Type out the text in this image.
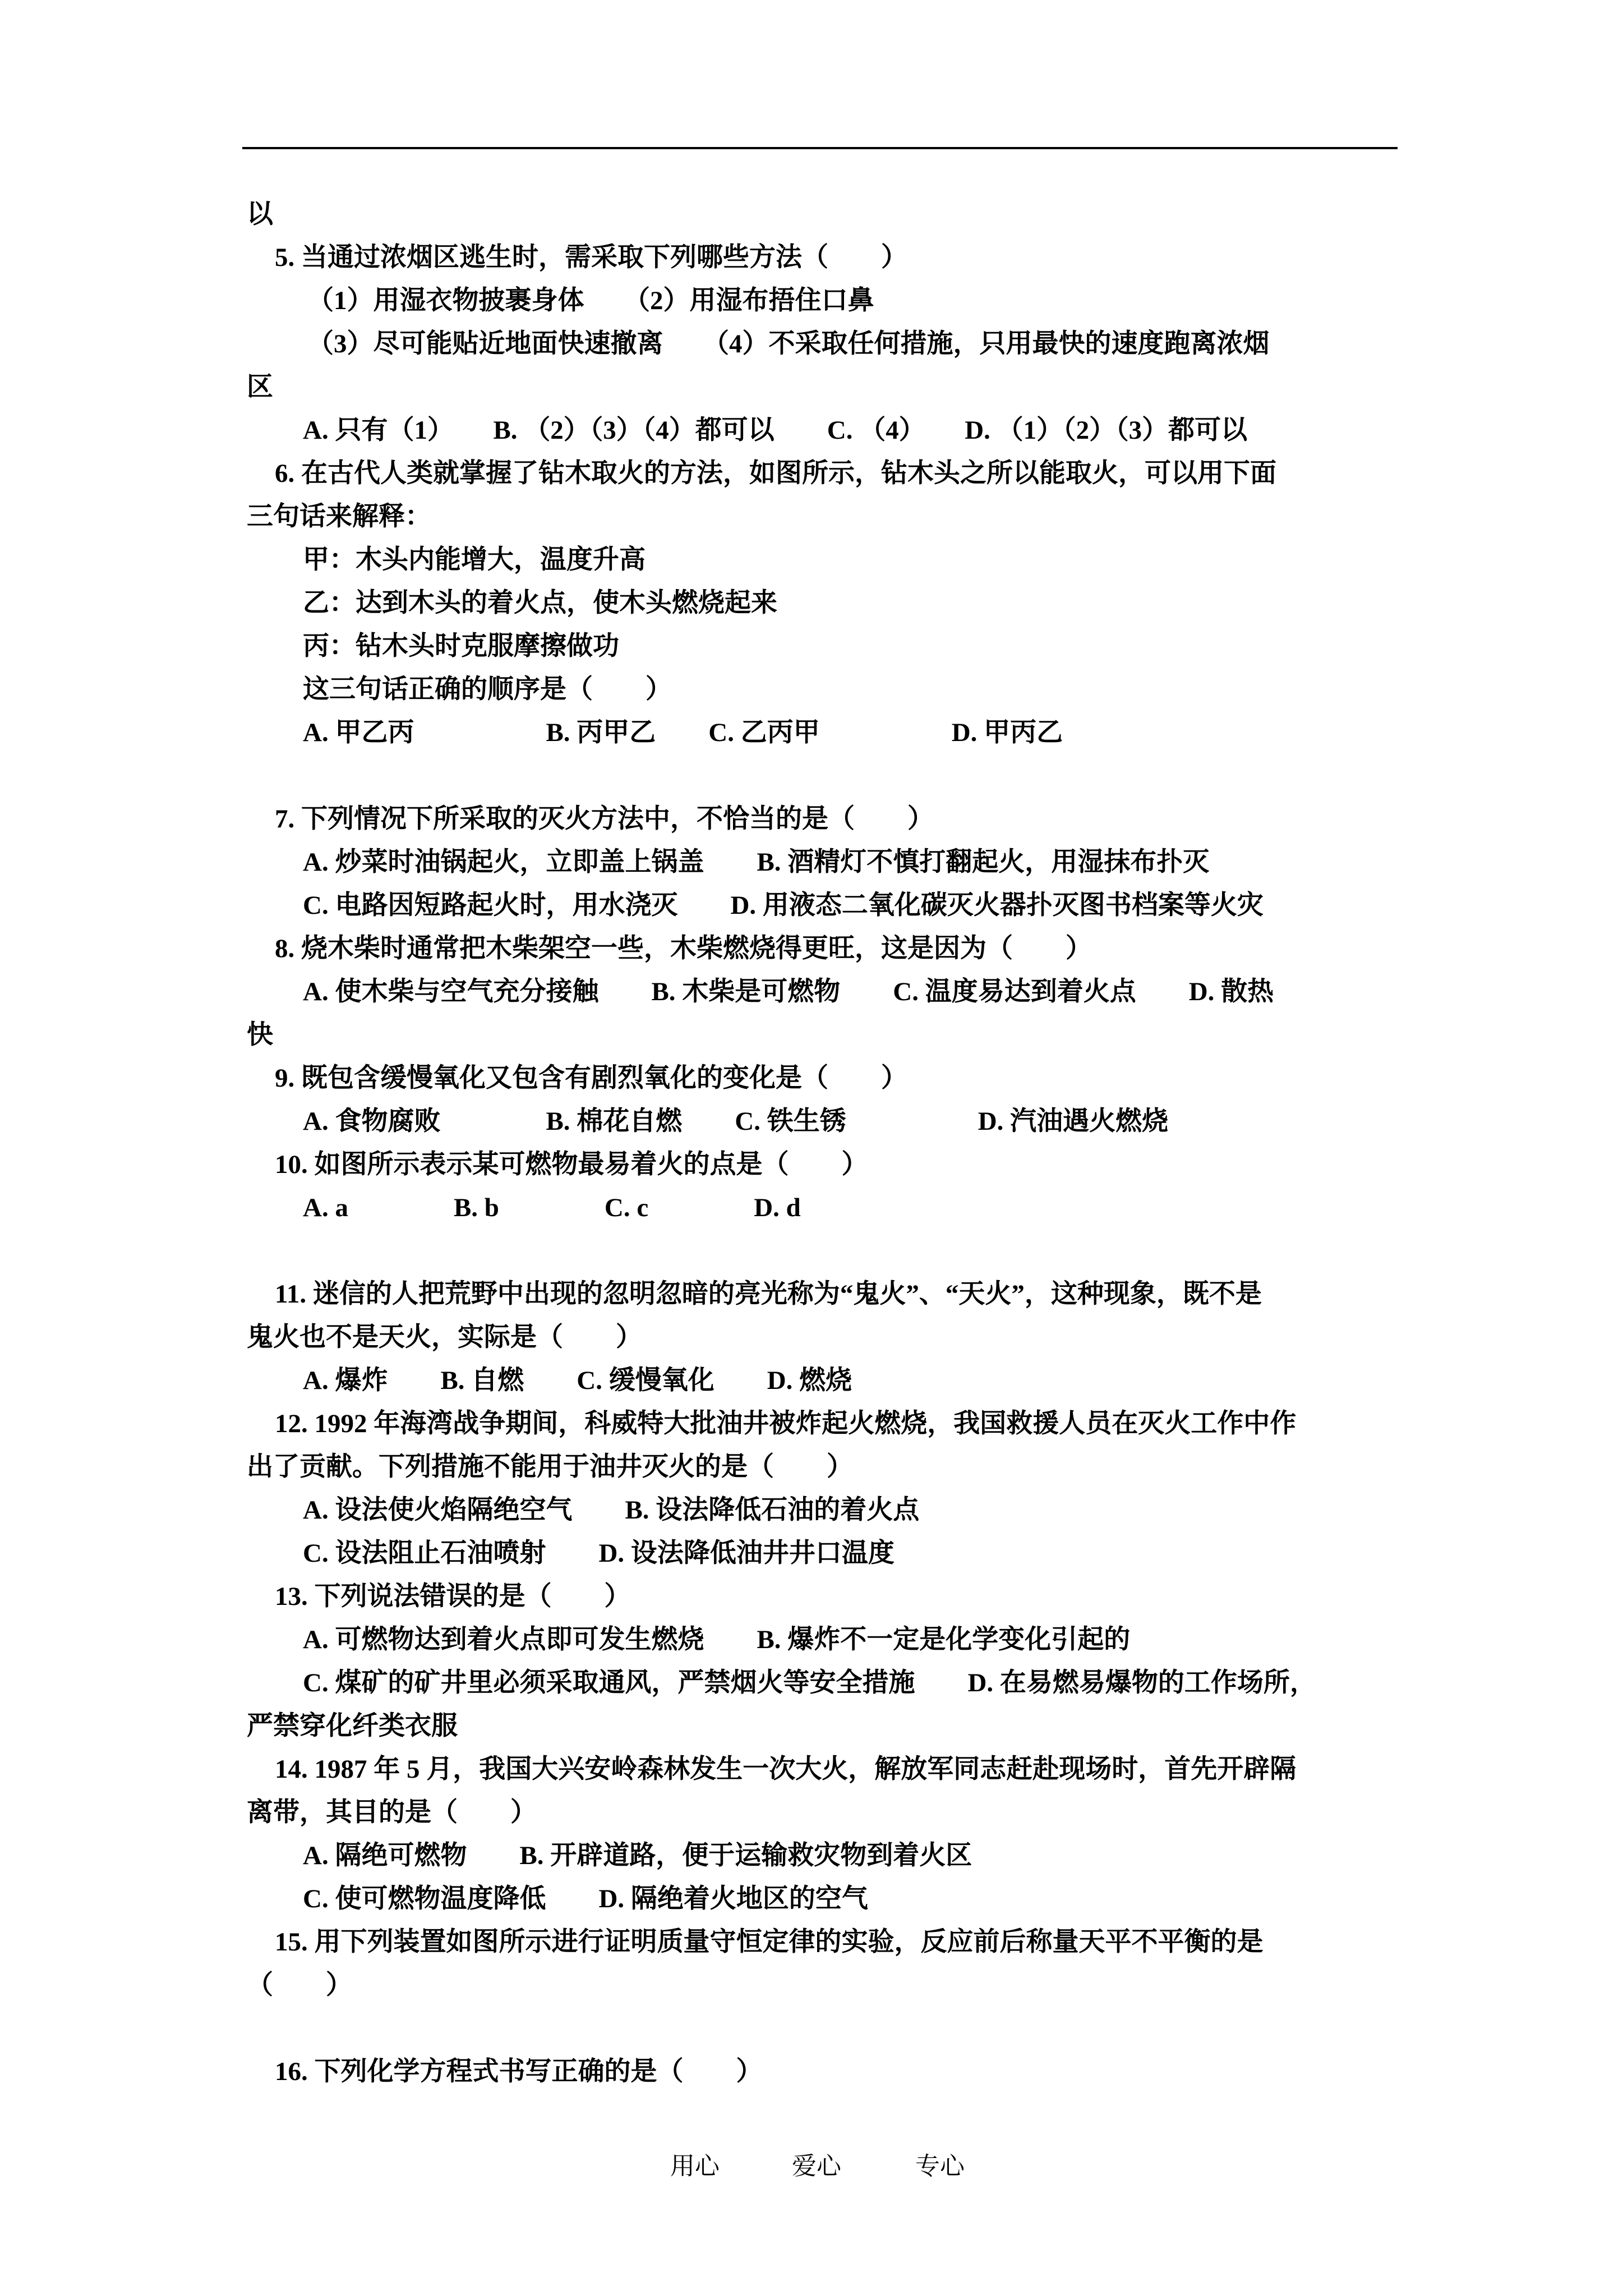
以
5. 当通过浓烟区逃生时，需采取下列哪些方法（　　）
（1）用湿衣物披裹身体　　（2）用湿布捂住口鼻
（3）尽可能贴近地面快速撤离　　（4）不采取任何措施，只用最快的速度跑离浓烟
区
A. 只有（1）　　B. （2）（3）（4）都可以　　C. （4）　　D. （1）（2）（3）都可以
6. 在古代人类就掌握了钻木取火的方法，如图所示，钻木头之所以能取火，可以用下面
三句话来解释：
甲：木头内能增大，温度升高
乙：达到木头的着火点，使木头燃烧起来
丙：钻木头时克服摩擦做功
这三句话正确的顺序是（　　）
A. 甲乙丙　　　　　B. 丙甲乙　　C. 乙丙甲　　　　　D. 甲丙乙
7. 下列情况下所采取的灭火方法中，不恰当的是（　　）
A. 炒菜时油锅起火，立即盖上锅盖　　B. 酒精灯不慎打翻起火，用湿抹布扑灭
C. 电路因短路起火时，用水浇灭　　D. 用液态二氧化碳灭火器扑灭图书档案等火灾
8. 烧木柴时通常把木柴架空一些，木柴燃烧得更旺，这是因为（　　）
A. 使木柴与空气充分接触　　B. 木柴是可燃物　　C. 温度易达到着火点　　D. 散热
快
9. 既包含缓慢氧化又包含有剧烈氧化的变化是（　　）
A. 食物腐败　　　　B. 棉花自燃　　C. 铁生锈　　　　　D. 汽油遇火燃烧
10. 如图所示表示某可燃物最易着火的点是（　　）
A. a　　　　B. b　　　　C. c　　　　D. d
11. 迷信的人把荒野中出现的忽明忽暗的亮光称为“鬼火”、“天火”，这种现象，既不是
鬼火也不是天火，实际是（　　）
A. 爆炸　　B. 自燃　　C. 缓慢氧化　　D. 燃烧
12. 1992 年海湾战争期间，科威特大批油井被炸起火燃烧，我国救援人员在灭火工作中作
出了贡献。下列措施不能用于油井灭火的是（　　）
A. 设法使火焰隔绝空气　　B. 设法降低石油的着火点
C. 设法阻止石油喷射　　D. 设法降低油井井口温度
13. 下列说法错误的是（　　）
A. 可燃物达到着火点即可发生燃烧　　B. 爆炸不一定是化学变化引起的
C. 煤矿的矿井里必须采取通风，严禁烟火等安全措施　　D. 在易燃易爆物的工作场所，
严禁穿化纤类衣服
14. 1987 年 5 月，我国大兴安岭森林发生一次大火，解放军同志赶赴现场时，首先开辟隔
离带，其目的是（　　）
A. 隔绝可燃物　　B. 开辟道路，便于运输救灾物到着火区
C. 使可燃物温度降低　　D. 隔绝着火地区的空气
15. 用下列装置如图所示进行证明质量守恒定律的实验，反应前后称量天平不平衡的是
（　　）
16. 下列化学方程式书写正确的是（　　）
用心	爱心	专心
